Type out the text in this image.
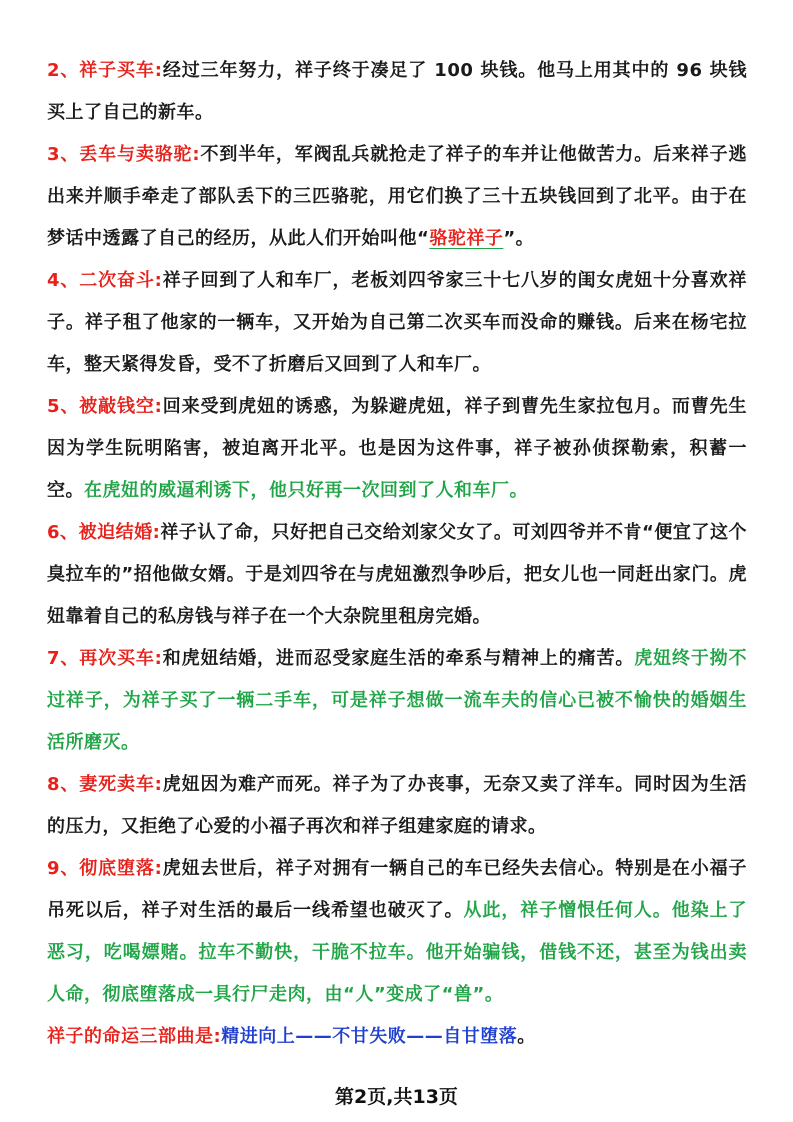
2、祥子买车:经过三年努力，祥子终于凑足了 100 块钱。他马上用其中的 96 块钱买上了自己的新车。

3、丢车与卖骆驼:不到半年，军阀乱兵就抢走了祥子的车并让他做苦力。后来祥子逃出来并顺手牵走了部队丢下的三匹骆驼，用它们换了三十五块钱回到了北平。由于在梦话中透露了自己的经历，从此人们开始叫他“骆驼祥子”。

4、二次奋斗:祥子回到了人和车厂，老板刘四爷家三十七八岁的闺女虎妞十分喜欢祥子。祥子租了他家的一辆车，又开始为自己第二次买车而没命的赚钱。后来在杨宅拉车，整天紧得发昏，受不了折磨后又回到了人和车厂。

5、被敲钱空:回来受到虎妞的诱惑，为躲避虎妞，祥子到曹先生家拉包月。而曹先生因为学生阮明陷害，被迫离开北平。也是因为这件事，祥子被孙侦探勒索，积蓄一空。在虎妞的威逼利诱下，他只好再一次回到了人和车厂。

6、被迫结婚:祥子认了命，只好把自己交给刘家父女了。可刘四爷并不肯“便宜了这个臭拉车的”招他做女婿。于是刘四爷在与虎妞激烈争吵后，把女儿也一同赶出家门。虎妞靠着自己的私房钱与祥子在一个大杂院里租房完婚。

7、再次买车:和虎妞结婚，进而忍受家庭生活的牵系与精神上的痛苦。虎妞终于拗不过祥子，为祥子买了一辆二手车，可是祥子想做一流车夫的信心已被不愉快的婚姻生活所磨灭。

8、妻死卖车:虎妞因为难产而死。祥子为了办丧事，无奈又卖了洋车。同时因为生活的压力，又拒绝了心爱的小福子再次和祥子组建家庭的请求。

9、彻底堕落:虎妞去世后，祥子对拥有一辆自己的车已经失去信心。特别是在小福子吊死以后，祥子对生活的最后一线希望也破灭了。从此，祥子憎恨任何人。他染上了恶习，吃喝嫖赌。拉车不勤快，干脆不拉车。他开始骗钱，借钱不还，甚至为钱出卖人命，彻底堕落成一具行尸走肉，由“人”变成了“兽”。

祥子的命运三部曲是:精进向上——不甘失败——自甘堕落。

第2页,共13页
